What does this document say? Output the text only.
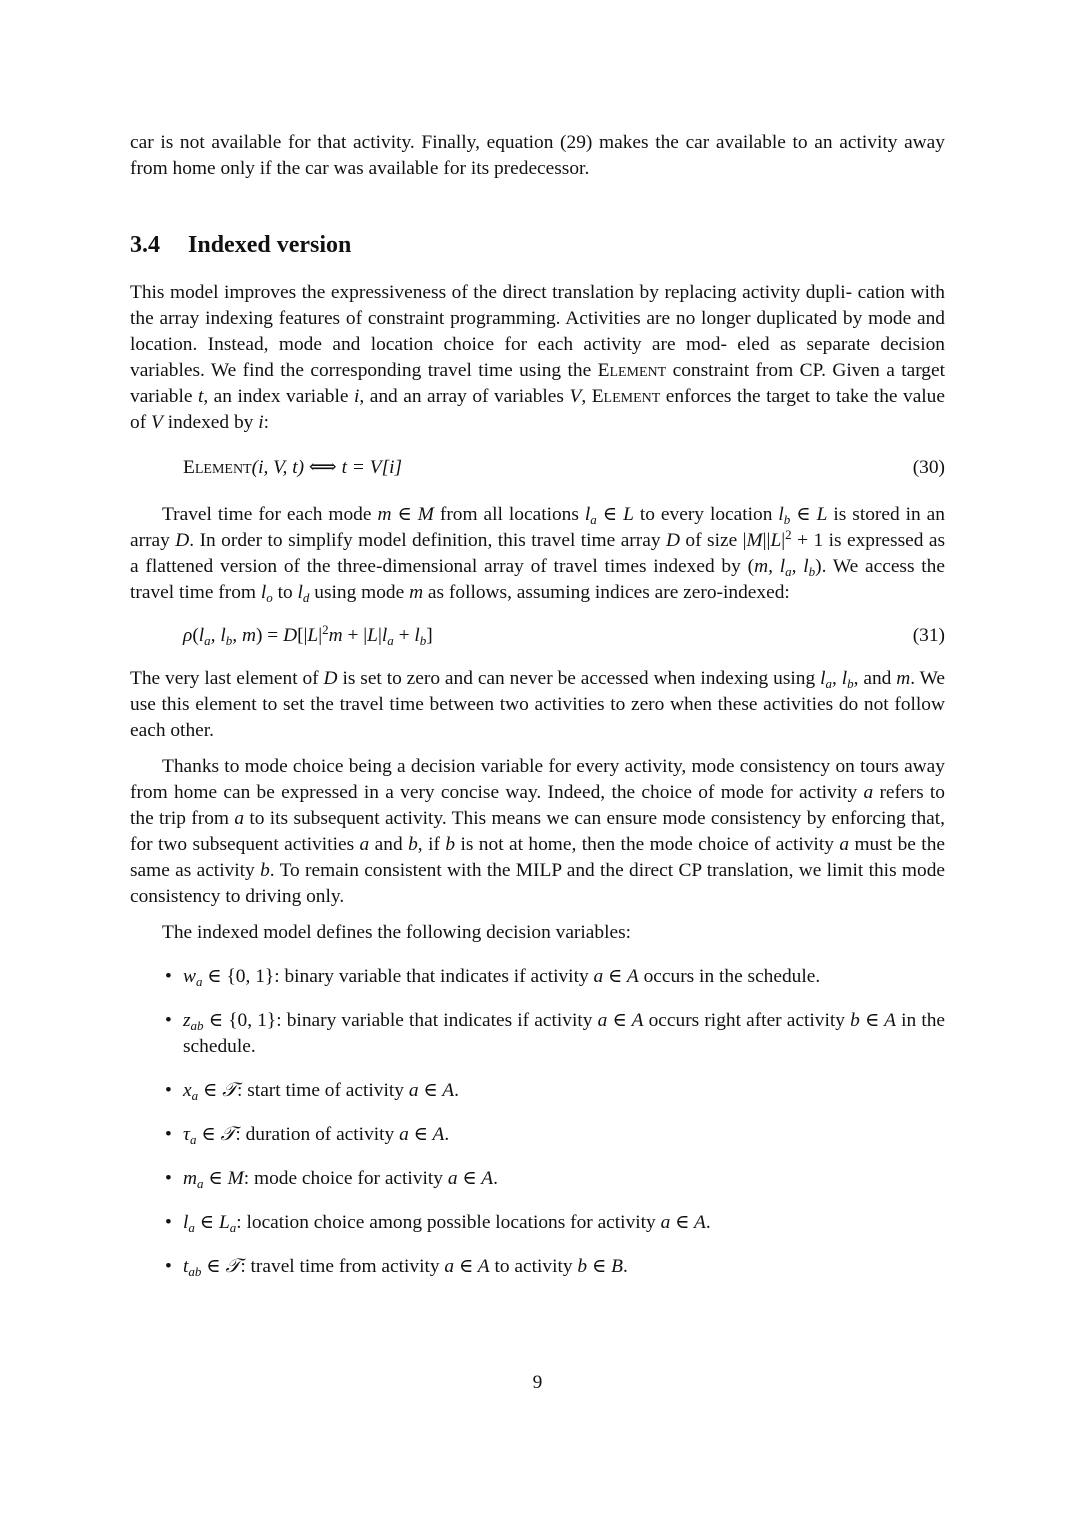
car is not available for that activity. Finally, equation (29) makes the car available to an activity away from home only if the car was available for its predecessor.

3.4 Indexed version

This model improves the expressiveness of the direct translation by replacing activity dupli- cation with the array indexing features of constraint programming. Activities are no longer duplicated by mode and location. Instead, mode and location choice for each activity are mod- eled as separate decision variables. We find the corresponding travel time using the Element constraint from CP. Given a target variable t, an index variable i, and an array of variables V, Element enforces the target to take the value of V indexed by i:

Element(i, V, t) ⟺ t = V[i]	(30)

Travel time for each mode m ∈ M from all locations $l_a$ ∈ L to every location $l_b$ ∈ L is stored in an array D. In order to simplify model definition, this travel time array D of size $|M||L|^2 + 1$ is expressed as a flattened version of the three-dimensional array of travel times indexed by (m, $l_a$, $l_b$). We access the travel time from $l_o$ to $l_d$ using mode m as follows, assuming indices are zero-indexed:

$\rho(l_a$, $l_b$, $m) = D[|L|^2m + |L|l_a + l_b]$	(31)

The very last element of D is set to zero and can never be accessed when indexing using $l_a$, $l_b$, and m. We use this element to set the travel time between two activities to zero when these activities do not follow each other.

Thanks to mode choice being a decision variable for every activity, mode consistency on tours away from home can be expressed in a very concise way. Indeed, the choice of mode for activity a refers to the trip from a to its subsequent activity. This means we can ensure mode consistency by enforcing that, for two subsequent activities a and b, if b is not at home, then the mode choice of activity a must be the same as activity b. To remain consistent with the MILP and the direct CP translation, we limit this mode consistency to driving only.

The indexed model defines the following decision variables:

• $w_a$ ∈ {0, 1}: binary variable that indicates if activity a ∈ A occurs in the schedule.
• $z_{ab}$ ∈ {0, 1}: binary variable that indicates if activity a ∈ A occurs right after activity b ∈ A in the schedule.
• $x_a$ ∈ 𝒯: start time of activity a ∈ A.
• $\tau_a$ ∈ 𝒯: duration of activity a ∈ A.
• $m_a$ ∈ M: mode choice for activity a ∈ A.
• $l_a$ ∈ $L_a$: location choice among possible locations for activity a ∈ A.
• $t_{ab}$ ∈ 𝒯: travel time from activity a ∈ A to activity b ∈ B.
9
